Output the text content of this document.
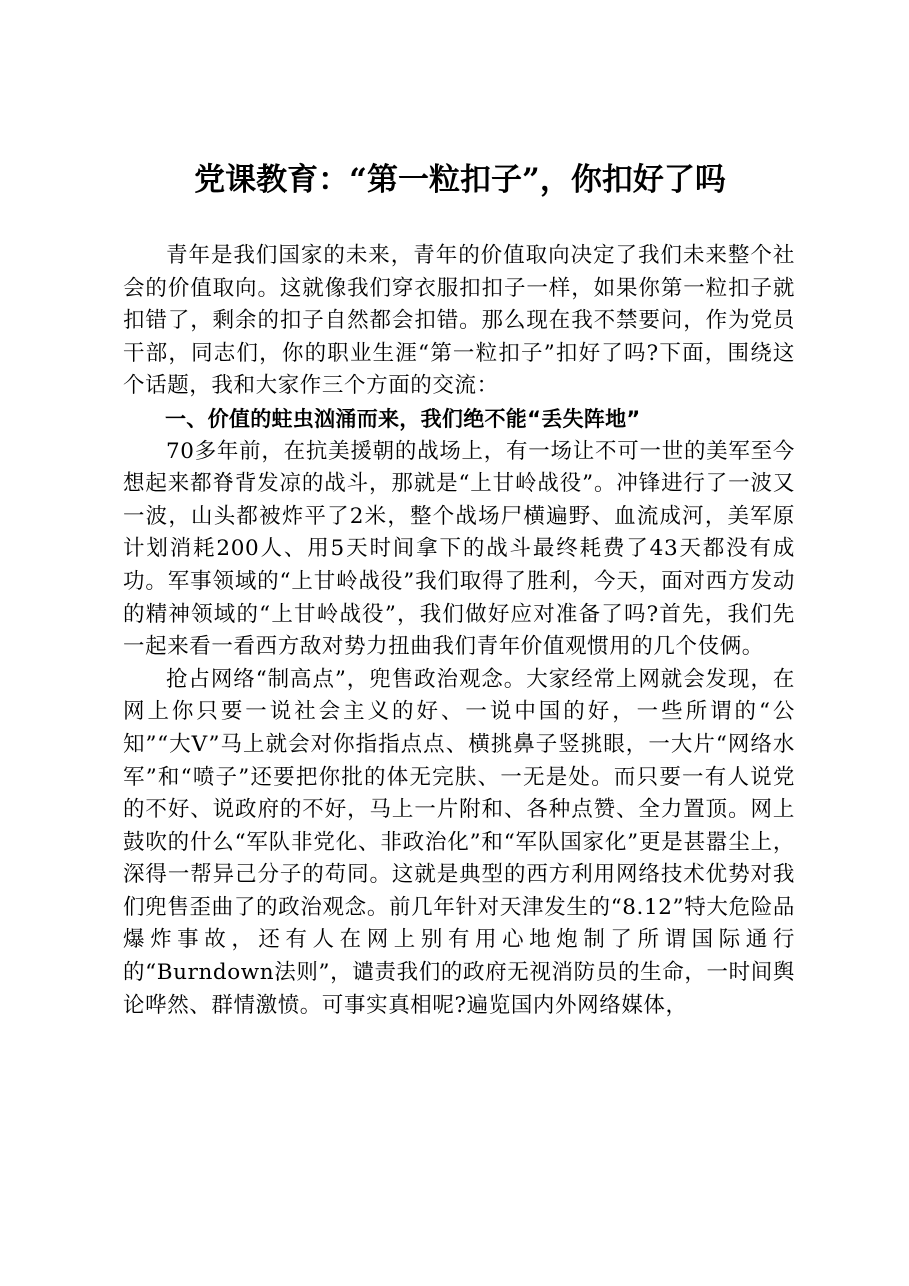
党课教育：“第一粒扣子”，你扣好了吗

青年是我们国家的未来，青年的价值取向决定了我们未来整个社会的价值取向。这就像我们穿衣服扣扣子一样，如果你第一粒扣子就扣错了，剩余的扣子自然都会扣错。那么现在我不禁要问，作为党员干部，同志们，你的职业生涯“第一粒扣子”扣好了吗?下面，围绕这个话题，我和大家作三个方面的交流：

一、价值的蛀虫汹涌而来，我们绝不能“丢失阵地”

70多年前，在抗美援朝的战场上，有一场让不可一世的美军至今想起来都脊背发凉的战斗，那就是“上甘岭战役”。冲锋进行了一波又一波，山头都被炸平了2米，整个战场尸横遍野、血流成河，美军原计划消耗200人、用5天时间拿下的战斗最终耗费了43天都没有成功。军事领域的“上甘岭战役”我们取得了胜利，今天，面对西方发动的精神领域的“上甘岭战役”，我们做好应对准备了吗?首先，我们先一起来看一看西方敌对势力扭曲我们青年价值观惯用的几个伎俩。

抢占网络“制高点”，兜售政治观念。大家经常上网就会发现，在网上你只要一说社会主义的好、一说中国的好，一些所谓的“公知”“大V”马上就会对你指指点点、横挑鼻子竖挑眼，一大片“网络水军”和“喷子”还要把你批的体无完肤、一无是处。而只要一有人说党的不好、说政府的不好，马上一片附和、各种点赞、全力置顶。网上鼓吹的什么“军队非党化、非政治化”和“军队国家化”更是甚嚣尘上，深得一帮异己分子的苟同。这就是典型的西方利用网络技术优势对我们兜售歪曲了的政治观念。前几年针对天津发生的“8.12”特大危险品爆炸事故，还有人在网上别有用心地炮制了所谓国际通行的“Burndown法则”，谴责我们的政府无视消防员的生命，一时间舆论哗然、群情激愤。可事实真相呢?遍览国内外网络媒体，
